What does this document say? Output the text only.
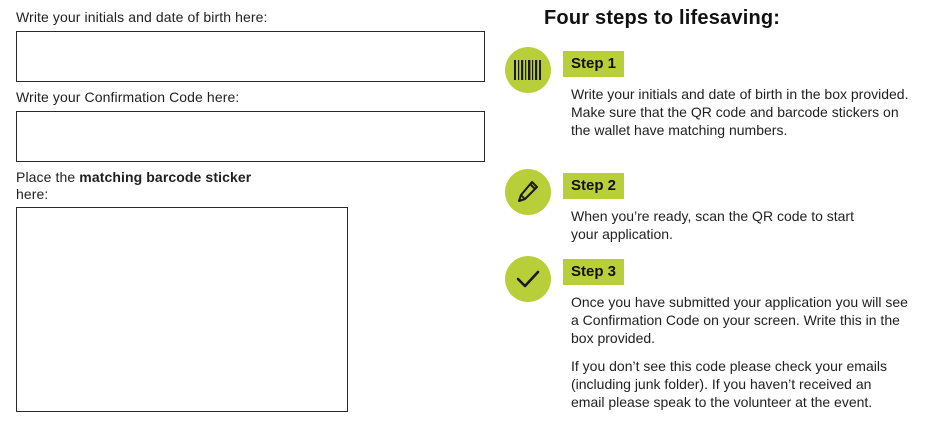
Write your initials and date of birth here:
Write your Confirmation Code here:
Place the matching barcode sticker
here:
Four steps to lifesaving:
Step 1

Write your initials and date of birth in the box provided. Make sure that the QR code and barcode stickers on the wallet have matching numbers.

Step 2

When you’re ready, scan the QR code to start your application.

Step 3

Once you have submitted your application you will see a Confirmation Code on your screen. Write this in the box provided.

If you don’t see this code please check your emails (including junk folder). If you haven’t received an email please speak to the volunteer at the event.
